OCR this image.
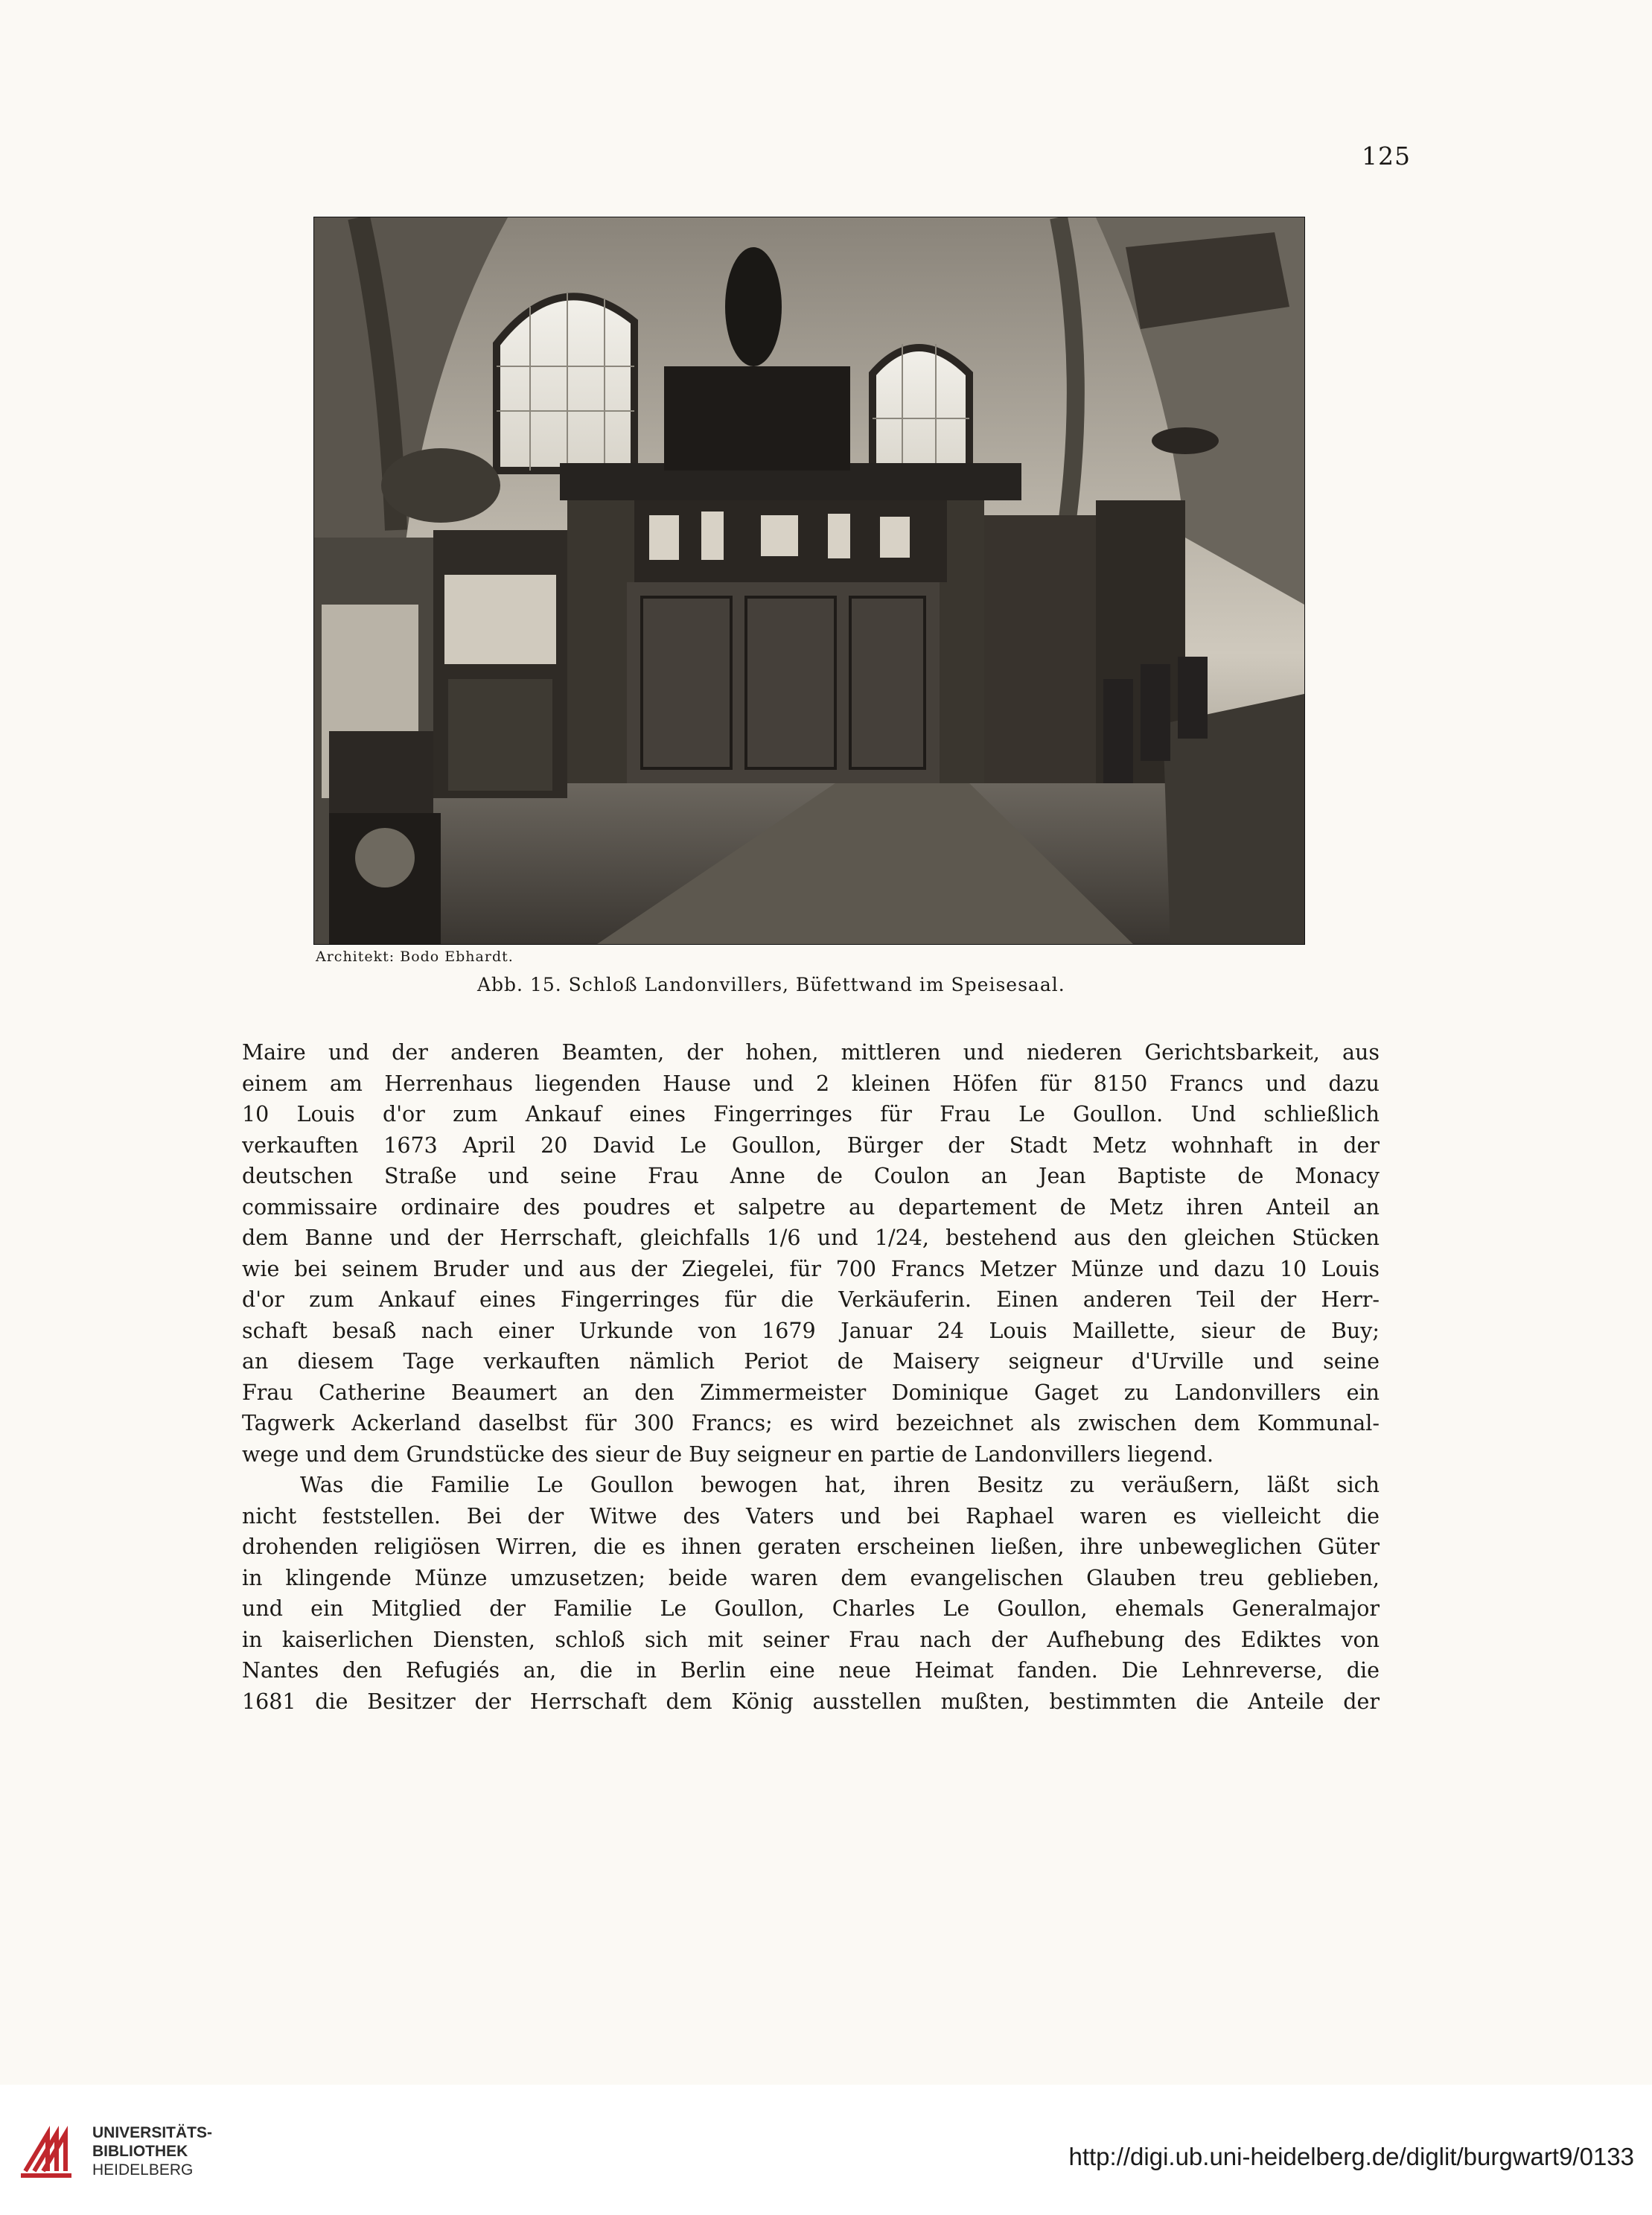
125
Architekt: Bodo Ebhardt.
Abb. 15. Schloß Landonvillers, Büfettwand im Speisesaal.
Maire und der anderen Beamten, der hohen, mittleren und niederen Gerichtsbarkeit, aus
einem am Herrenhaus liegenden Hause und 2 kleinen Höfen für 8150 Francs und dazu
10 Louis d'or zum Ankauf eines Fingerringes für Frau Le Goullon. Und schließlich
verkauften 1673 April 20 David Le Goullon, Bürger der Stadt Metz wohnhaft in der
deutschen Straße und seine Frau Anne de Coulon an Jean Baptiste de Monacy
commissaire ordinaire des poudres et salpetre au departement de Metz ihren Anteil an
dem Banne und der Herrschaft, gleichfalls 1/6 und 1/24, bestehend aus den gleichen Stücken
wie bei seinem Bruder und aus der Ziegelei, für 700 Francs Metzer Münze und dazu 10 Louis
d'or zum Ankauf eines Fingerringes für die Verkäuferin. Einen anderen Teil der Herr-
schaft besaß nach einer Urkunde von 1679 Januar 24 Louis Maillette, sieur de Buy;
an diesem Tage verkauften nämlich Periot de Maisery seigneur d'Urville und seine
Frau Catherine Beaumert an den Zimmermeister Dominique Gaget zu Landonvillers ein
Tagwerk Ackerland daselbst für 300 Francs; es wird bezeichnet als zwischen dem Kommunal-
wege und dem Grundstücke des sieur de Buy seigneur en partie de Landonvillers liegend.
Was die Familie Le Goullon bewogen hat, ihren Besitz zu veräußern, läßt sich
nicht feststellen. Bei der Witwe des Vaters und bei Raphael waren es vielleicht die
drohenden religiösen Wirren, die es ihnen geraten erscheinen ließen, ihre unbeweglichen Güter
in klingende Münze umzusetzen; beide waren dem evangelischen Glauben treu geblieben,
und ein Mitglied der Familie Le Goullon, Charles Le Goullon, ehemals Generalmajor
in kaiserlichen Diensten, schloß sich mit seiner Frau nach der Aufhebung des Ediktes von
Nantes den Refugiés an, die in Berlin eine neue Heimat fanden. Die Lehnreverse, die
1681 die Besitzer der Herrschaft dem König ausstellen mußten, bestimmten die Anteile der
UNIVERSITÄTS-
BIBLIOTHEK
HEIDELBERG	http://digi.ub.uni-heidelberg.de/diglit/burgwart9/0133
